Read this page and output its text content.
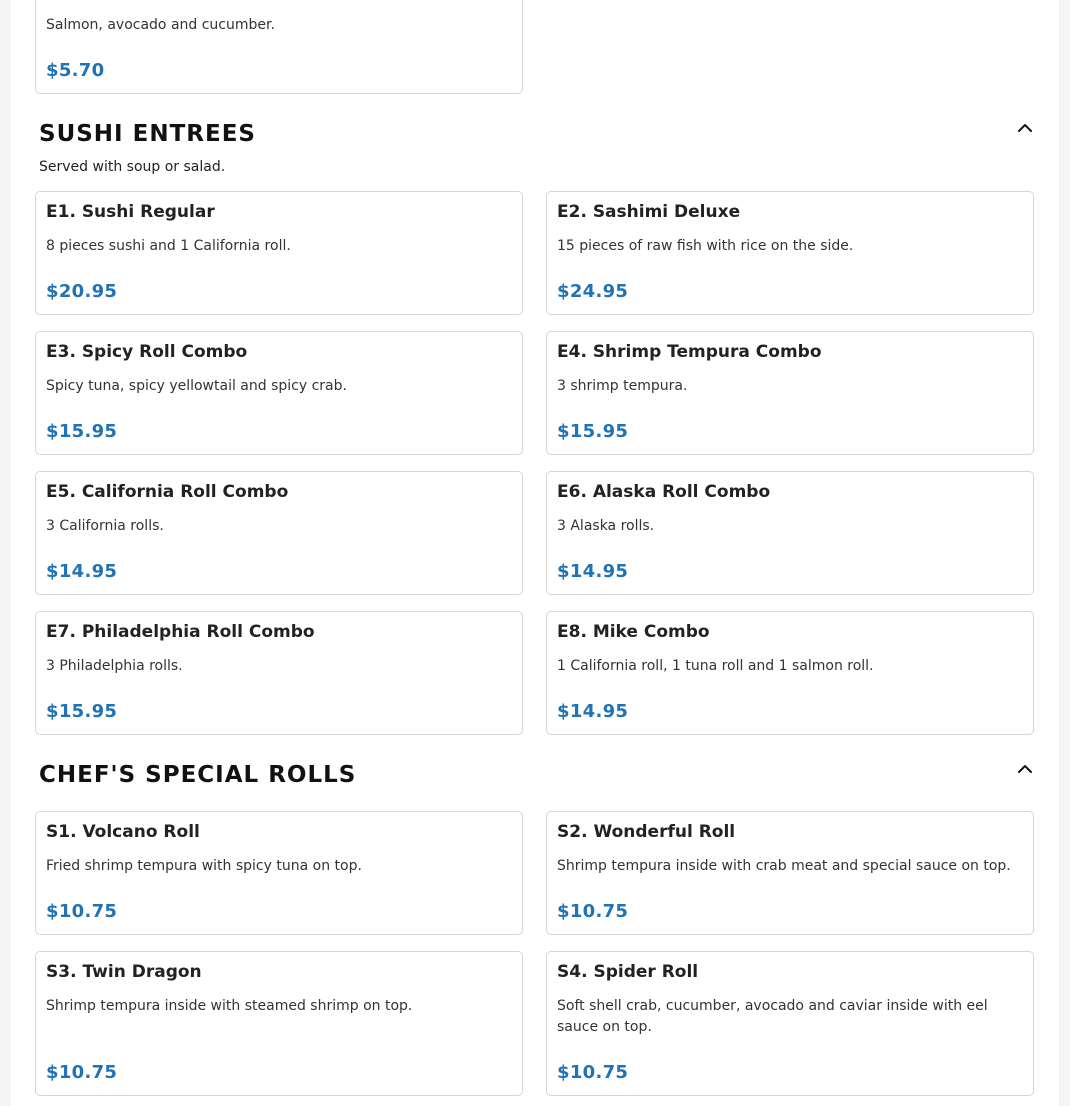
Salmon, avocado and cucumber.
$5.70
SUSHI ENTREES
Served with soup or salad.
E1. Sushi Regular
8 pieces sushi and 1 California roll.
$20.95
E2. Sashimi Deluxe
15 pieces of raw fish with rice on the side.
$24.95
E3. Spicy Roll Combo
Spicy tuna, spicy yellowtail and spicy crab.
$15.95
E4. Shrimp Tempura Combo
3 shrimp tempura.
$15.95
E5. California Roll Combo
3 California rolls.
$14.95
E6. Alaska Roll Combo
3 Alaska rolls.
$14.95
E7. Philadelphia Roll Combo
3 Philadelphia rolls.
$15.95
E8. Mike Combo
1 California roll, 1 tuna roll and 1 salmon roll.
$14.95
CHEF'S SPECIAL ROLLS
S1. Volcano Roll
Fried shrimp tempura with spicy tuna on top.
$10.75
S2. Wonderful Roll
Shrimp tempura inside with crab meat and special sauce on top.
$10.75
S3. Twin Dragon
Shrimp tempura inside with steamed shrimp on top.
$10.75
S4. Spider Roll
Soft shell crab, cucumber, avocado and caviar inside with eel sauce on top.
$10.75
